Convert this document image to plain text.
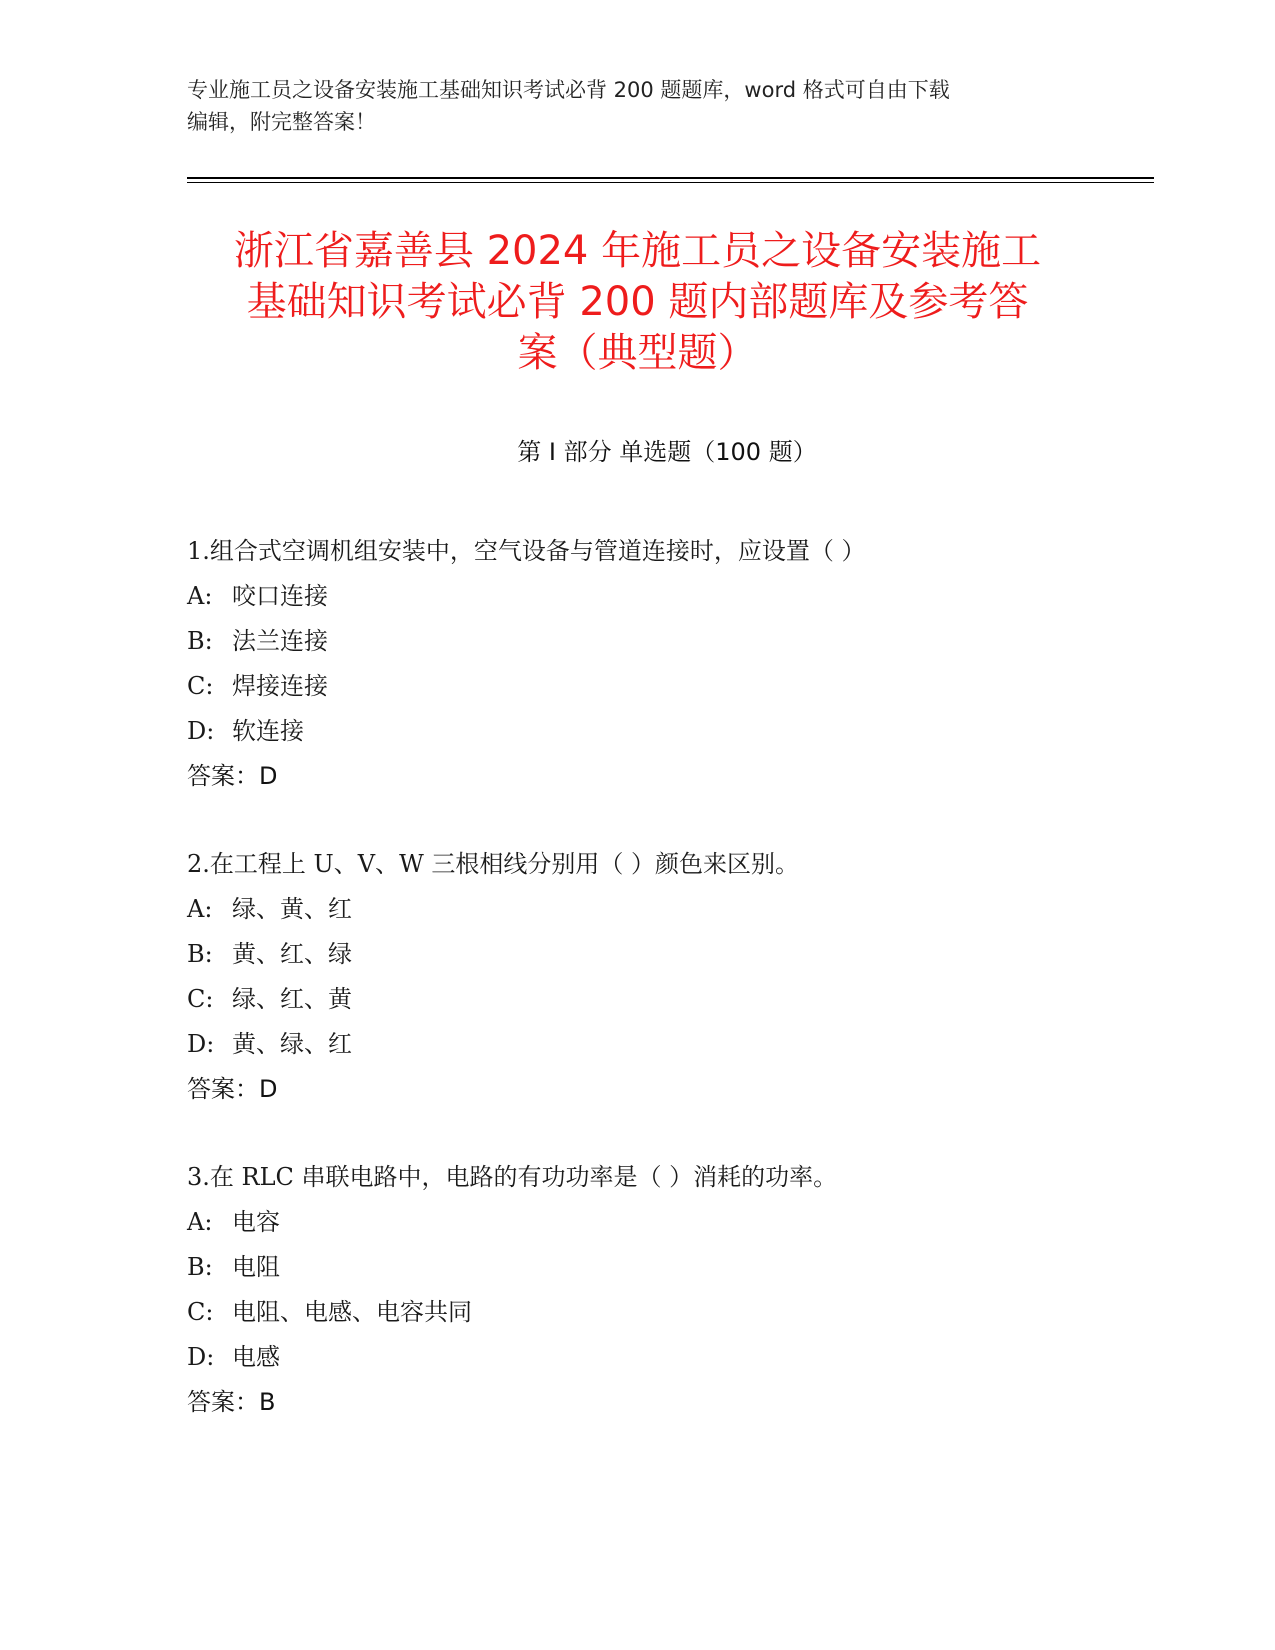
专业施工员之设备安装施工基础知识考试必背 200 题题库，word 格式可自由下载
编辑，附完整答案！
浙江省嘉善县 2024 年施工员之设备安装施工
基础知识考试必背 200 题内部题库及参考答
案（典型题）
第 I 部分 单选题（100 题）
1.组合式空调机组安装中，空气设备与管道连接时，应设置（ ）
A: 咬口连接
B: 法兰连接
C: 焊接连接
D: 软连接
答案：D
2.在工程上 U、V、W 三根相线分别用（ ）颜色来区别。
A: 绿、黄、红
B: 黄、红、绿
C: 绿、红、黄
D: 黄、绿、红
答案：D
3.在 RLC 串联电路中，电路的有功功率是（ ）消耗的功率。
A: 电容
B: 电阻
C: 电阻、电感、电容共同
D: 电感
答案：B
